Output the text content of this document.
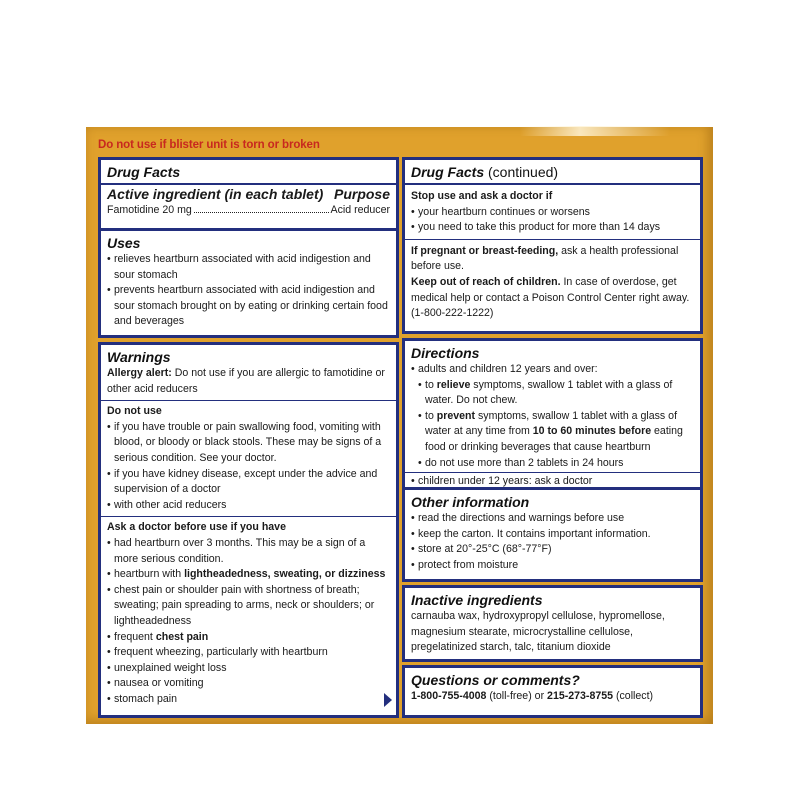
Do not use if blister unit is torn or broken
Drug Facts
Active ingredient (in each tablet) Purpose
Famotidine 20 mg	Acid reducer
Uses
• relieves heartburn associated with acid indigestion and sour stomach
• prevents heartburn associated with acid indigestion and sour stomach brought on by eating or drinking certain food and beverages
Warnings
Allergy alert: Do not use if you are allergic to famotidine or other acid reducers
Do not use
• if you have trouble or pain swallowing food, vomiting with blood, or bloody or black stools. These may be signs of a serious condition. See your doctor.
• if you have kidney disease, except under the advice and supervision of a doctor
• with other acid reducers
Ask a doctor before use if you have
• had heartburn over 3 months. This may be a sign of a more serious condition.
• heartburn with lightheadedness, sweating, or dizziness
• chest pain or shoulder pain with shortness of breath; sweating; pain spreading to arms, neck or shoulders; or lightheadedness
• frequent chest pain
• frequent wheezing, particularly with heartburn
• unexplained weight loss
• nausea or vomiting
• stomach pain
Drug Facts (continued)
Stop use and ask a doctor if
• your heartburn continues or worsens
• you need to take this product for more than 14 days
If pregnant or breast-feeding, ask a health professional before use.
Keep out of reach of children. In case of overdose, get medical help or contact a Poison Control Center right away. (1-800-222-1222)
Directions
• adults and children 12 years and over:
• to relieve symptoms, swallow 1 tablet with a glass of water. Do not chew.
• to prevent symptoms, swallow 1 tablet with a glass of water at any time from 10 to 60 minutes before eating food or drinking beverages that cause heartburn
• do not use more than 2 tablets in 24 hours
• children under 12 years: ask a doctor
Other information
• read the directions and warnings before use
• keep the carton. It contains important information.
• store at 20°-25°C (68°-77°F)
• protect from moisture
Inactive ingredients
carnauba wax, hydroxypropyl cellulose, hypromellose, magnesium stearate, microcrystalline cellulose, pregelatinized starch, talc, titanium dioxide
Questions or comments?
1-800-755-4008 (toll-free) or 215-273-8755 (collect)
